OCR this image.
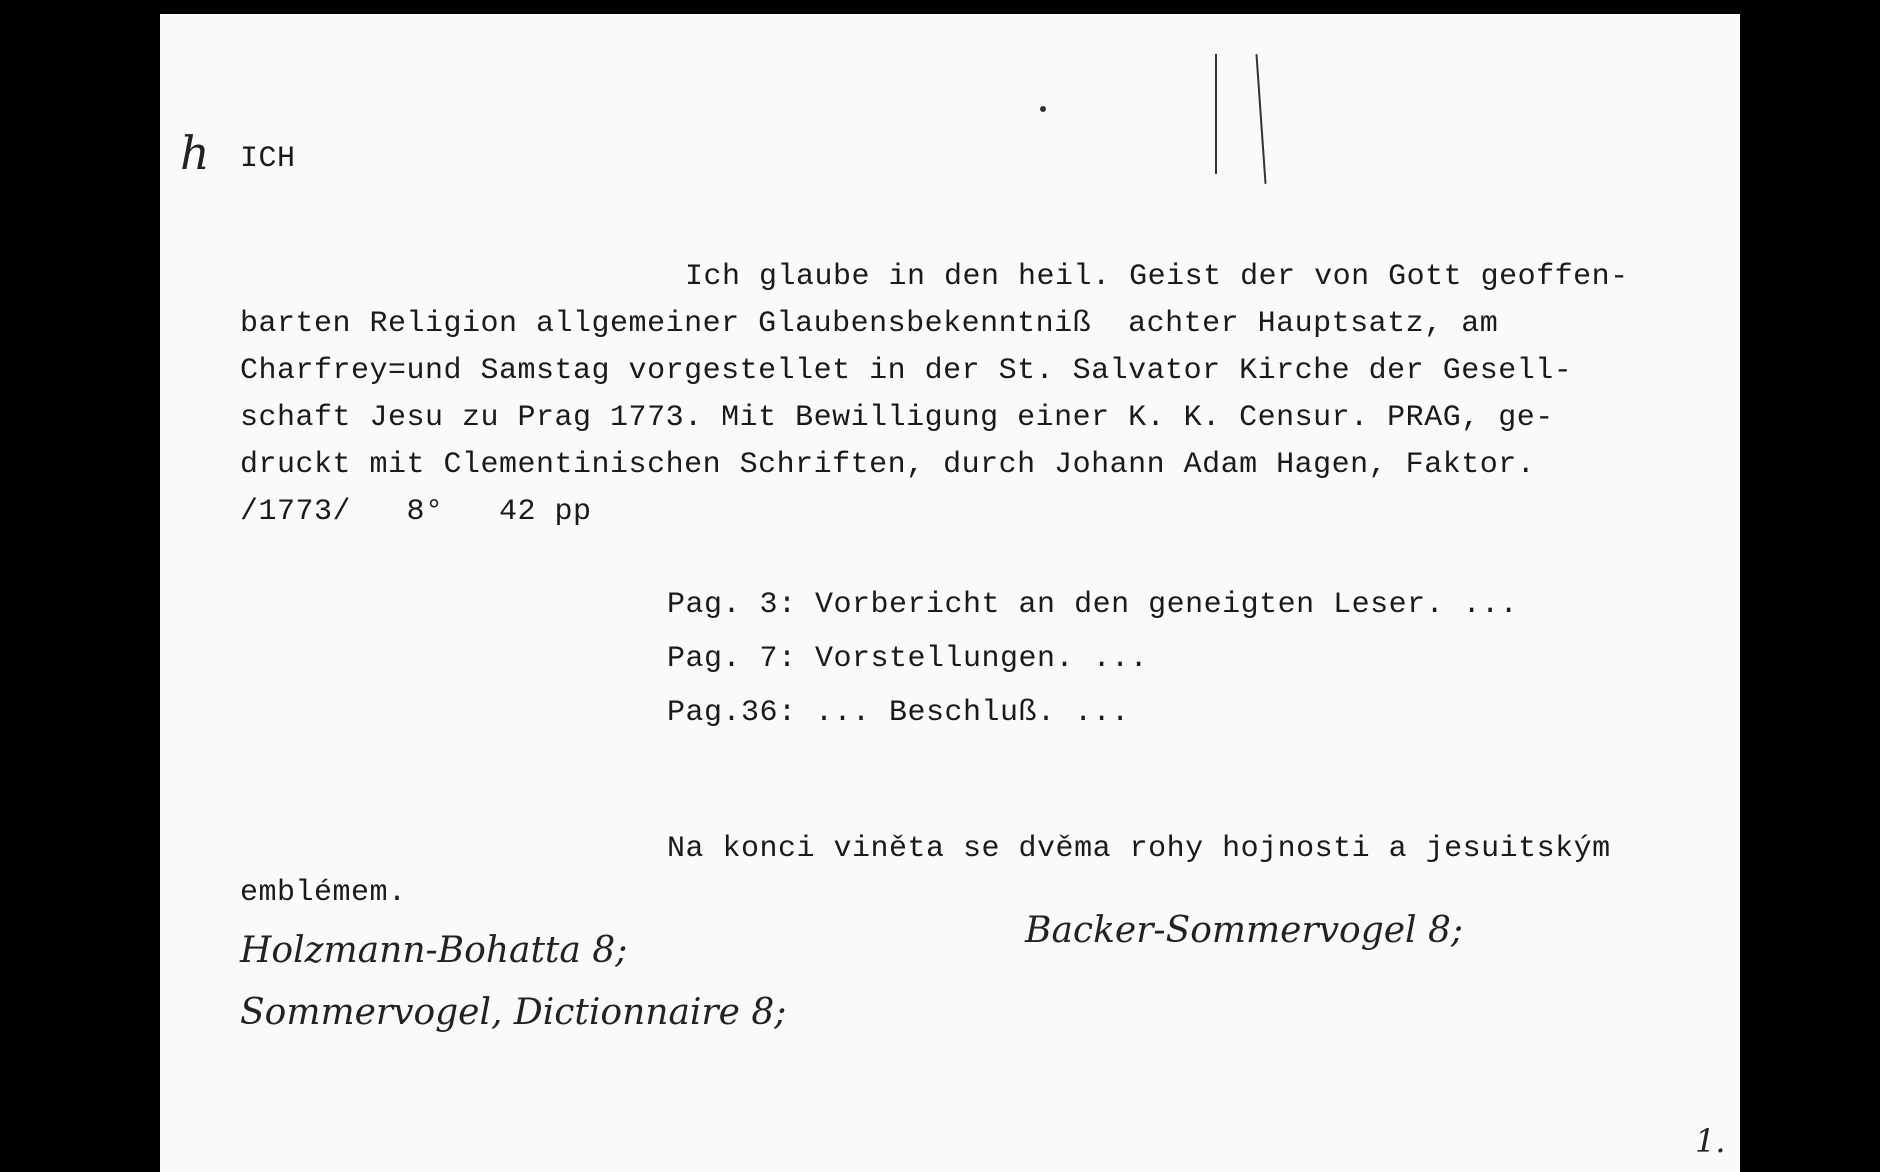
h ICH
Ich glaube in den heil. Geist der von Gott geoffen-
barten Religion allgemeiner Glaubensbekenntniß  achter Hauptsatz, am
Charfrey=und Samstag vorgestellet in der St. Salvator Kirche der Gesell-
schaft Jesu zu Prag 1773. Mit Bewilligung einer K. K. Censur. PRAG, ge-
druckt mit Clementinischen Schriften, durch Johann Adam Hagen, Faktor.
/1773/   8°   42 pp
Pag. 3: Vorbericht an den geneigten Leser. ...
Pag. 7: Vorstellungen. ...
Pag.36: ... Beschluß. ...
Na konci viněta se dvěma rohy hojnosti a jesuitským
emblémem.
Holzmann-Bohatta 8;
Sommervogel, Dictionnaire 8;
Backer-Sommervogel 8;
1.
